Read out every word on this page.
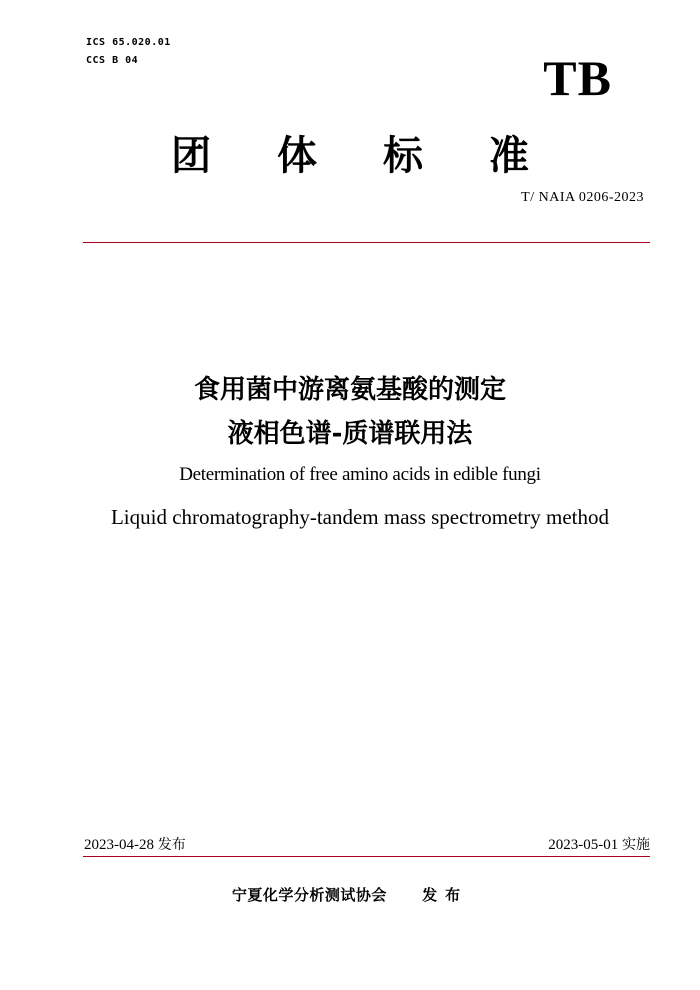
ICS 65.020.01
CCS B 04	TB
团 体 标 准
T/ NAIA 0206-2023
食用菌中游离氨基酸的测定
液相色谱-质谱联用法
Determination of free amino acids in edible fungi
Liquid chromatography-tandem mass spectrometry method
2023-04-28 发布	2023-05-01 实施
宁夏化学分析测试协会 发布
